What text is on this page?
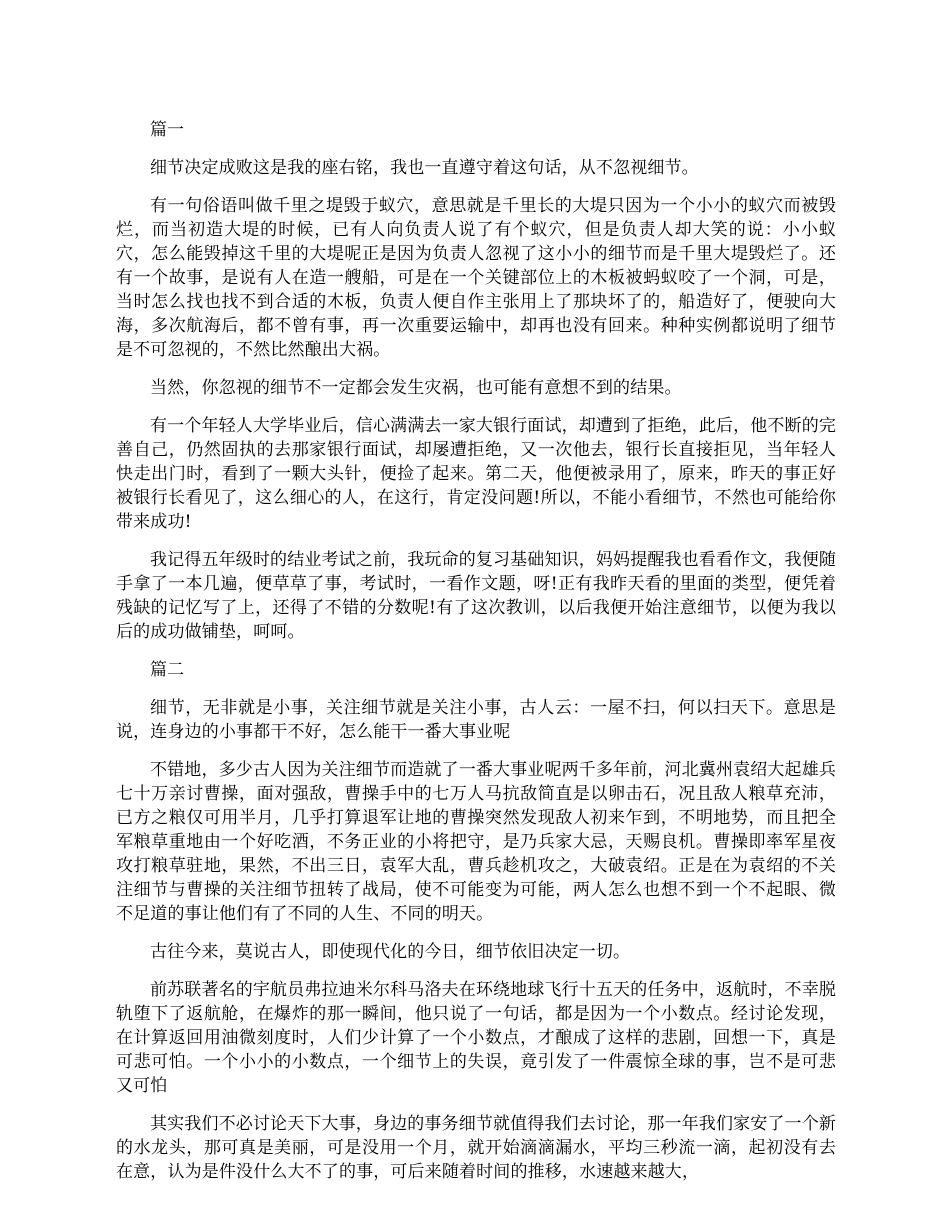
篇一

细节决定成败这是我的座右铭，我也一直遵守着这句话，从不忽视细节。

有一句俗语叫做千里之堤毁于蚁穴，意思就是千里长的大堤只因为一个小小的蚁穴而被毁烂，而当初造大堤的时候，已有人向负责人说了有个蚁穴，但是负责人却大笑的说：小小蚁穴，怎么能毁掉这千里的大堤呢正是因为负责人忽视了这小小的细节而是千里大堤毁烂了。还有一个故事，是说有人在造一艘船，可是在一个关键部位上的木板被蚂蚁咬了一个洞，可是，当时怎么找也找不到合适的木板，负责人便自作主张用上了那块坏了的，船造好了，便驶向大海，多次航海后，都不曾有事，再一次重要运输中，却再也没有回来。种种实例都说明了细节是不可忽视的，不然比然酿出大祸。

当然，你忽视的细节不一定都会发生灾祸，也可能有意想不到的结果。

有一个年轻人大学毕业后，信心满满去一家大银行面试，却遭到了拒绝，此后，他不断的完善自己，仍然固执的去那家银行面试，却屡遭拒绝，又一次他去，银行长直接拒见，当年轻人快走出门时，看到了一颗大头针，便捡了起来。第二天，他便被录用了，原来，昨天的事正好被银行长看见了，这么细心的人，在这行，肯定没问题!所以，不能小看细节，不然也可能给你带来成功!

我记得五年级时的结业考试之前，我玩命的复习基础知识，妈妈提醒我也看看作文，我便随手拿了一本几遍，便草草了事，考试时，一看作文题，呀!正有我昨天看的里面的类型，便凭着残缺的记忆写了上，还得了不错的分数呢!有了这次教训，以后我便开始注意细节，以便为我以后的成功做铺垫，呵呵。

篇二

细节，无非就是小事，关注细节就是关注小事，古人云：一屋不扫，何以扫天下。意思是说，连身边的小事都干不好，怎么能干一番大事业呢

不错地，多少古人因为关注细节而造就了一番大事业呢两千多年前，河北冀州袁绍大起雄兵七十万亲讨曹操，面对强敌，曹操手中的七万人马抗敌简直是以卵击石，况且敌人粮草充沛，已方之粮仅可用半月，几乎打算退军让地的曹操突然发现敌人初来乍到，不明地势，而且把全军粮草重地由一个好吃酒，不务正业的小将把守，是乃兵家大忌，天赐良机。曹操即率军星夜攻打粮草驻地，果然，不出三日，袁军大乱，曹兵趁机攻之，大破袁绍。正是在为袁绍的不关注细节与曹操的关注细节扭转了战局，使不可能变为可能，两人怎么也想不到一个不起眼、微不足道的事让他们有了不同的人生、不同的明天。

古往今来，莫说古人，即使现代化的今日，细节依旧决定一切。

前苏联著名的宇航员弗拉迪米尔科马洛夫在环绕地球飞行十五天的任务中，返航时，不幸脱轨堕下了返航舱，在爆炸的那一瞬间，他只说了一句话，都是因为一个小数点。经讨论发现，在计算返回用油微刻度时，人们少计算了一个小数点，才酿成了这样的悲剧，回想一下，真是可悲可怕。一个小小的小数点，一个细节上的失误，竟引发了一件震惊全球的事，岂不是可悲又可怕

其实我们不必讨论天下大事，身边的事务细节就值得我们去讨论，那一年我们家安了一个新的水龙头，那可真是美丽，可是没用一个月，就开始滴滴漏水，平均三秒流一滴，起初没有去在意，认为是件没什么大不了的事，可后来随着时间的推移，水速越来越大，
